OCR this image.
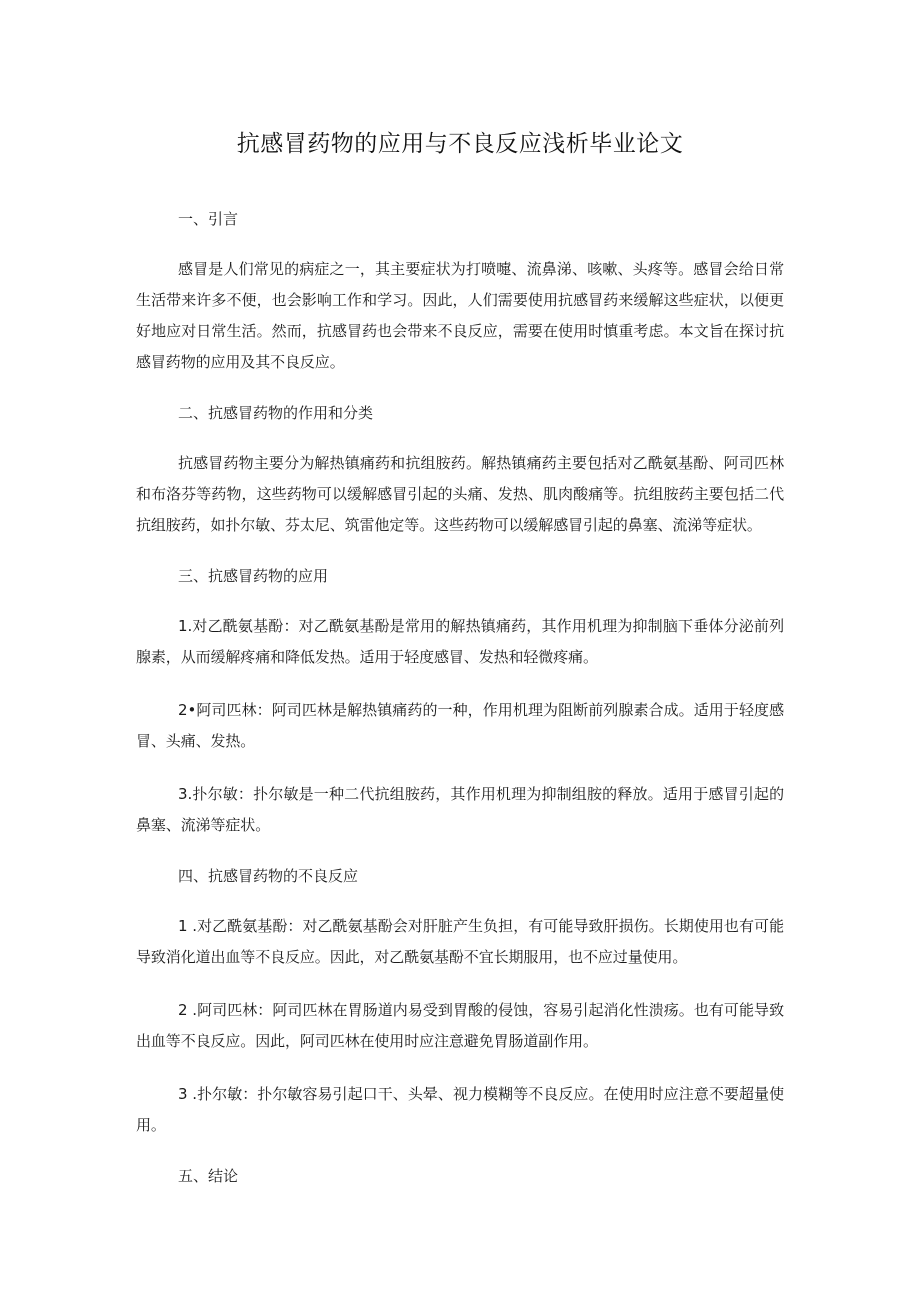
抗感冒药物的应用与不良反应浅析毕业论文

一、引言

感冒是人们常见的病症之一，其主要症状为打喷嚏、流鼻涕、咳嗽、头疼等。感冒会给日常生活带来许多不便，也会影响工作和学习。因此，人们需要使用抗感冒药来缓解这些症状，以便更好地应对日常生活。然而，抗感冒药也会带来不良反应，需要在使用时慎重考虑。本文旨在探讨抗感冒药物的应用及其不良反应。

二、抗感冒药物的作用和分类

抗感冒药物主要分为解热镇痛药和抗组胺药。解热镇痛药主要包括对乙酰氨基酚、阿司匹林和布洛芬等药物，这些药物可以缓解感冒引起的头痛、发热、肌肉酸痛等。抗组胺药主要包括二代抗组胺药，如扑尔敏、芬太尼、筑雷他定等。这些药物可以缓解感冒引起的鼻塞、流涕等症状。

三、抗感冒药物的应用

1.对乙酰氨基酚：对乙酰氨基酚是常用的解热镇痛药，其作用机理为抑制脑下垂体分泌前列腺素，从而缓解疼痛和降低发热。适用于轻度感冒、发热和轻微疼痛。

2•阿司匹林：阿司匹林是解热镇痛药的一种，作用机理为阻断前列腺素合成。适用于轻度感冒、头痛、发热。

3.扑尔敏：扑尔敏是一种二代抗组胺药，其作用机理为抑制组胺的释放。适用于感冒引起的鼻塞、流涕等症状。

四、抗感冒药物的不良反应

1 .对乙酰氨基酚：对乙酰氨基酚会对肝脏产生负担，有可能导致肝损伤。长期使用也有可能导致消化道出血等不良反应。因此，对乙酰氨基酚不宜长期服用，也不应过量使用。

2 .阿司匹林：阿司匹林在胃肠道内易受到胃酸的侵蚀，容易引起消化性溃疡。也有可能导致出血等不良反应。因此，阿司匹林在使用时应注意避免胃肠道副作用。

3 .扑尔敏：扑尔敏容易引起口干、头晕、视力模糊等不良反应。在使用时应注意不要超量使用。

五、结论
